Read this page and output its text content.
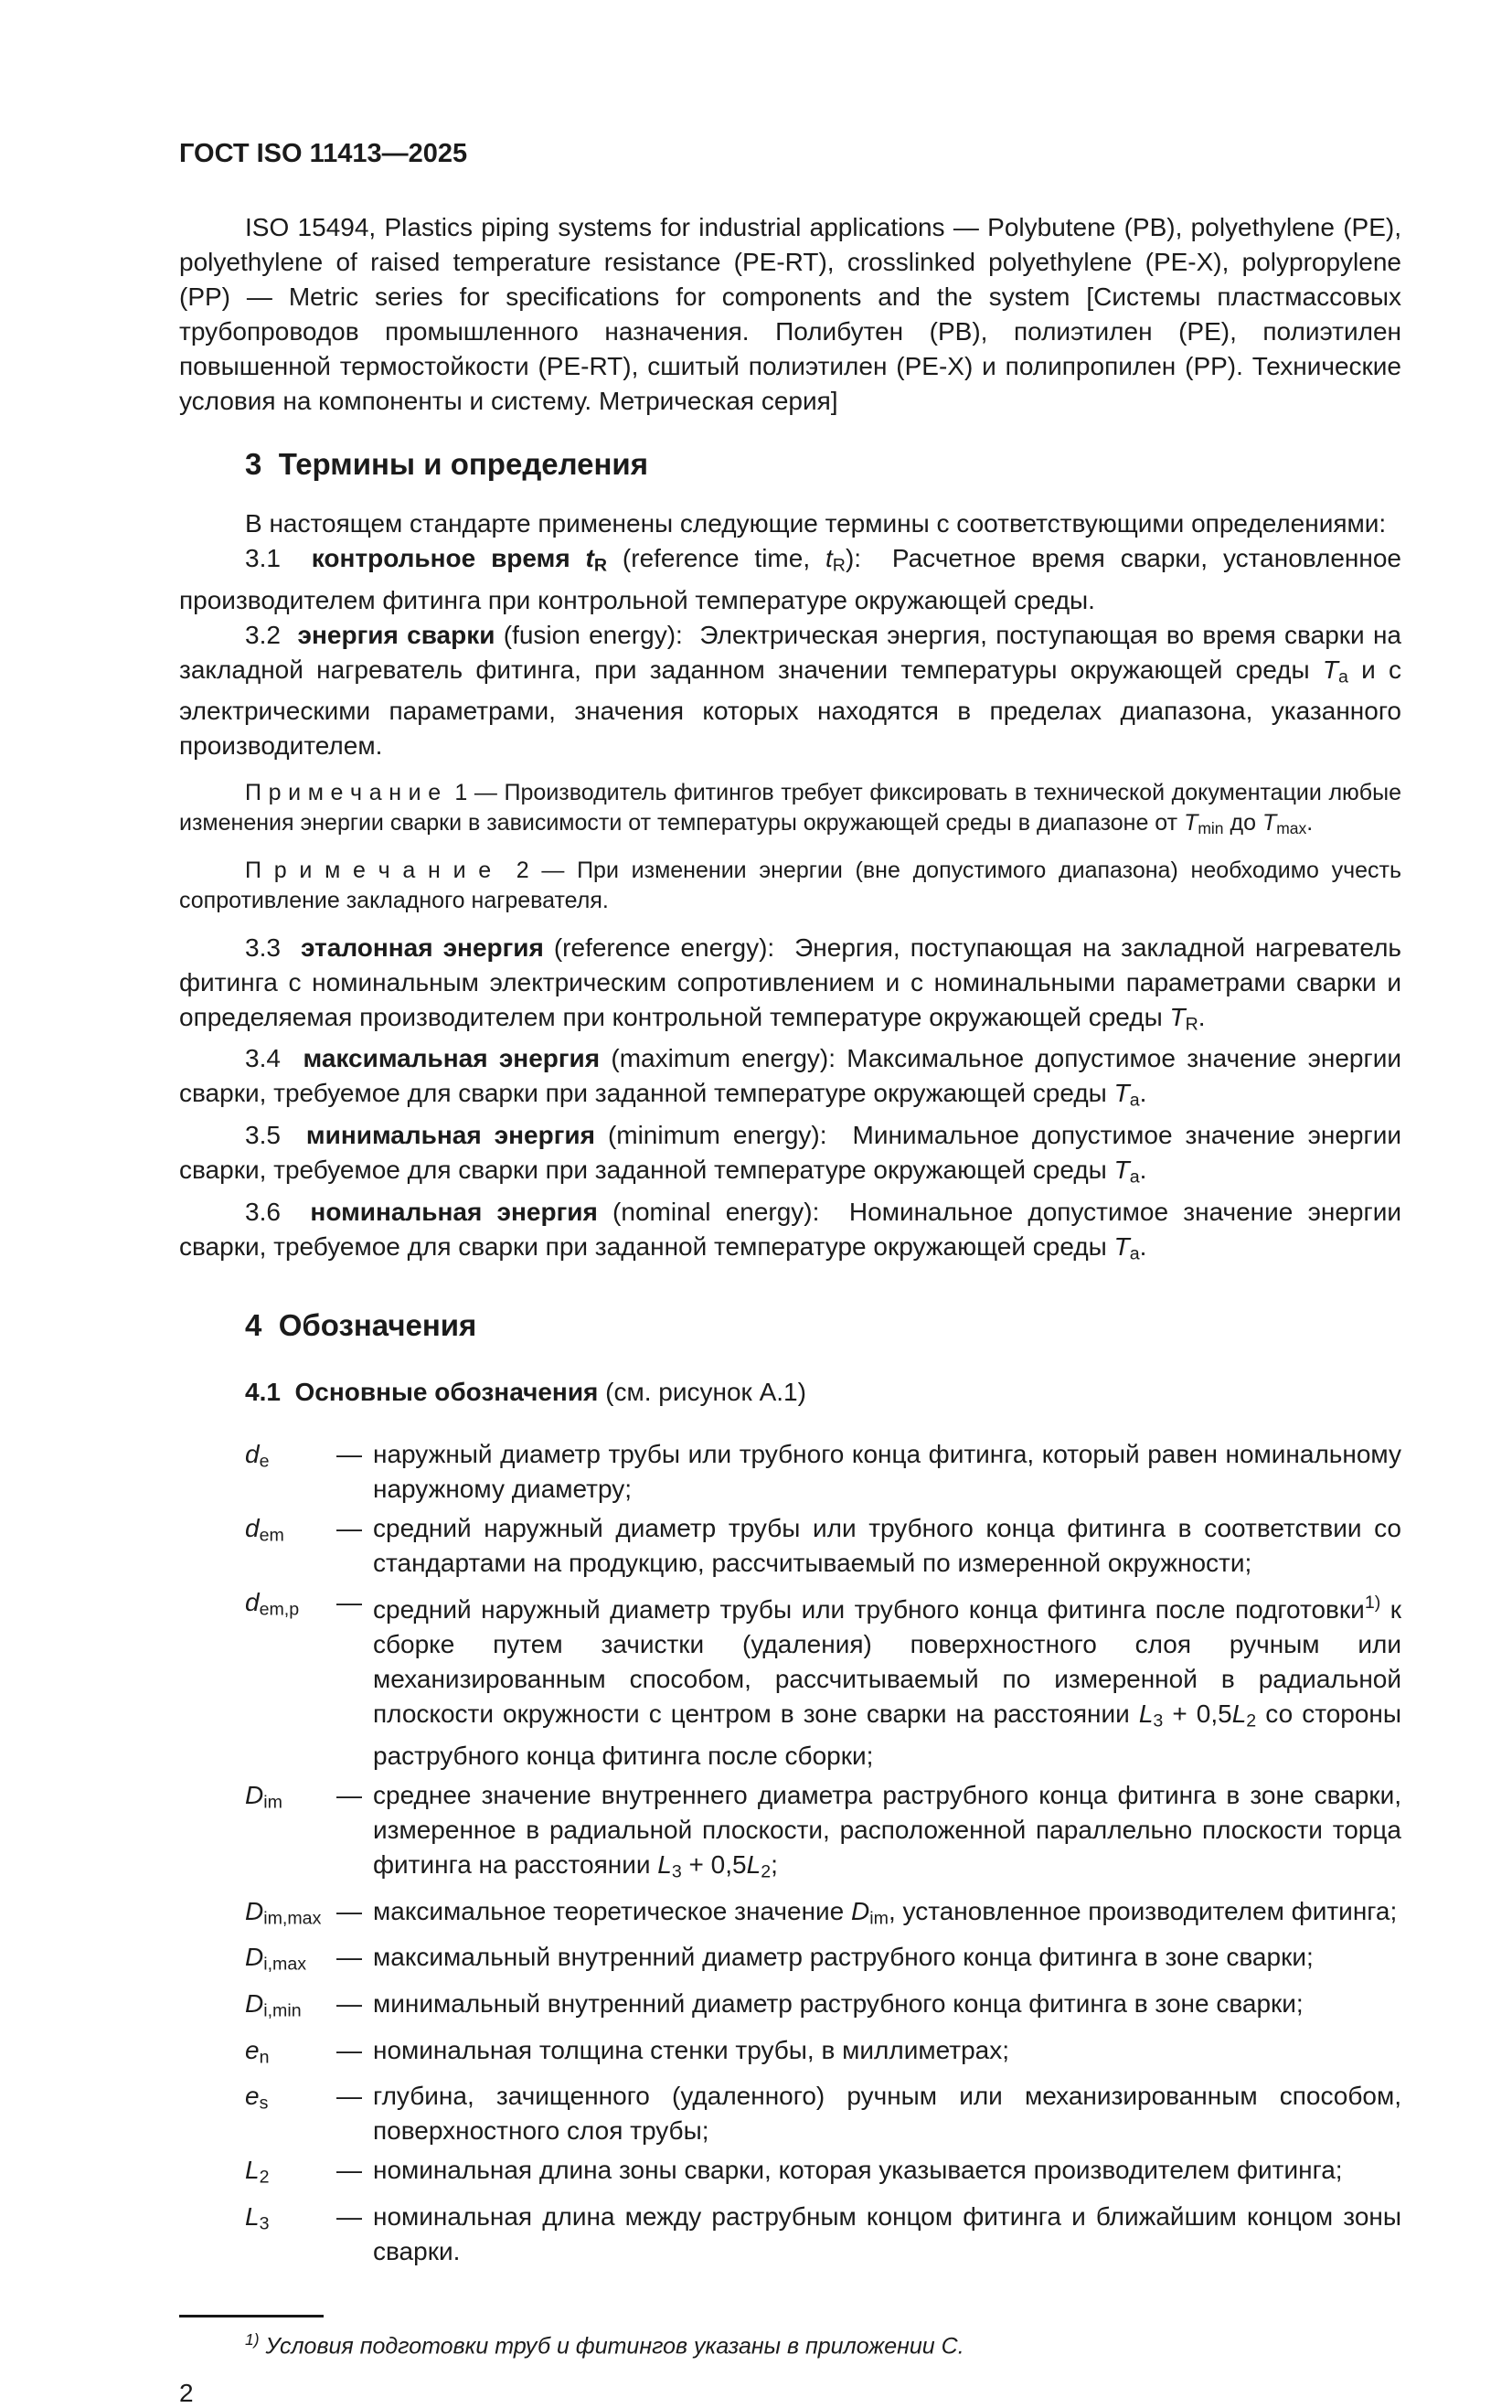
ГОСТ ISO 11413—2025

ISO 15494, Plastics piping systems for industrial applications — Polybutene (PB), polyethylene (PE), polyethylene of raised temperature resistance (PE-RT), crosslinked polyethylene (PE-X), polypropylene (PP) — Metric series for specifications for components and the system [Системы пластмассовых трубопроводов промышленного назначения. Полибутен (PB), полиэтилен (PE), полиэтилен повышенной термостойкости (PE-RT), сшитый полиэтилен (PE-X) и полипропилен (PP). Технические условия на компоненты и систему. Метрическая серия]

3  Термины и определения

В настоящем стандарте применены следующие термины с соответствующими определениями:

3.1  контрольное время $t_R$ (reference time, $t_R$):  Расчетное время сварки, установленное производителем фитинга при контрольной температуре окружающей среды.

3.2  энергия сварки (fusion energy):  Электрическая энергия, поступающая во время сварки на закладной нагреватель фитинга, при заданном значении температуры окружающей среды $T_a$ и с электрическими параметрами, значения которых находятся в пределах диапазона, указанного производителем.

П р и м е ч а н и е  1 — Производитель фитингов требует фиксировать в технической документации любые изменения энергии сварки в зависимости от температуры окружающей среды в диапазоне от $T_{min}$ до $T_{max}$.

П р и м е ч а н и е  2 — При изменении энергии (вне допустимого диапазона) необходимо учесть сопротивление закладного нагревателя.

3.3  эталонная энергия (reference energy):  Энергия, поступающая на закладной нагреватель фитинга с номинальным электрическим сопротивлением и с номинальными параметрами сварки и определяемая производителем при контрольной температуре окружающей среды $T_R$.

3.4  максимальная энергия (maximum energy): Максимальное допустимое значение энергии сварки, требуемое для сварки при заданной температуре окружающей среды $T_a$.

3.5  минимальная энергия (minimum energy):  Минимальное допустимое значение энергии сварки, требуемое для сварки при заданной температуре окружающей среды $T_a$.

3.6  номинальная энергия (nominal energy):  Номинальное допустимое значение энергии сварки, требуемое для сварки при заданной температуре окружающей среды $T_a$.

4  Обозначения

4.1  Основные обозначения (см. рисунок А.1)

$d_e$	— наружный диаметр трубы или трубного конца фитинга, который равен номинальному наружному диаметру;
$d_{em}$	— средний наружный диаметр трубы или трубного конца фитинга в соответствии со стандартами на продукцию, рассчитываемый по измеренной окружности;
$d_{em,p}$	— средний наружный диаметр трубы или трубного конца фитинга после подготовки$^{1)}$ к сборке путем зачистки (удаления) поверхностного слоя ручным или механизированным способом, рассчитываемый по измеренной в радиальной плоскости окружности с центром в зоне сварки на расстоянии $L_3 + 0,5L_2$ со стороны раструбного конца фитинга после сборки;
$D_{im}$	— среднее значение внутреннего диаметра раструбного конца фитинга в зоне сварки, измеренное в радиальной плоскости, расположенной параллельно плоскости торца фитинга на расстоянии $L_3 + 0,5L_2$;
$D_{im,max}$ — максимальное теоретическое значение $D_{im}$, установленное производителем фитинга;
$D_{i,max}$	— максимальный внутренний диаметр раструбного конца фитинга в зоне сварки;
$D_{i,min}$	— минимальный внутренний диаметр раструбного конца фитинга в зоне сварки;
$e_n$	— номинальная толщина стенки трубы, в миллиметрах;
$e_s$	— глубина, зачищенного (удаленного) ручным или механизированным способом, поверхностного слоя трубы;
$L_2$	— номинальная длина зоны сварки, которая указывается производителем фитинга;
$L_3$	— номинальная длина между раструбным концом фитинга и ближайшим концом зоны сварки.

$^{1)}$ Условия подготовки труб и фитингов указаны в приложении C.

2
